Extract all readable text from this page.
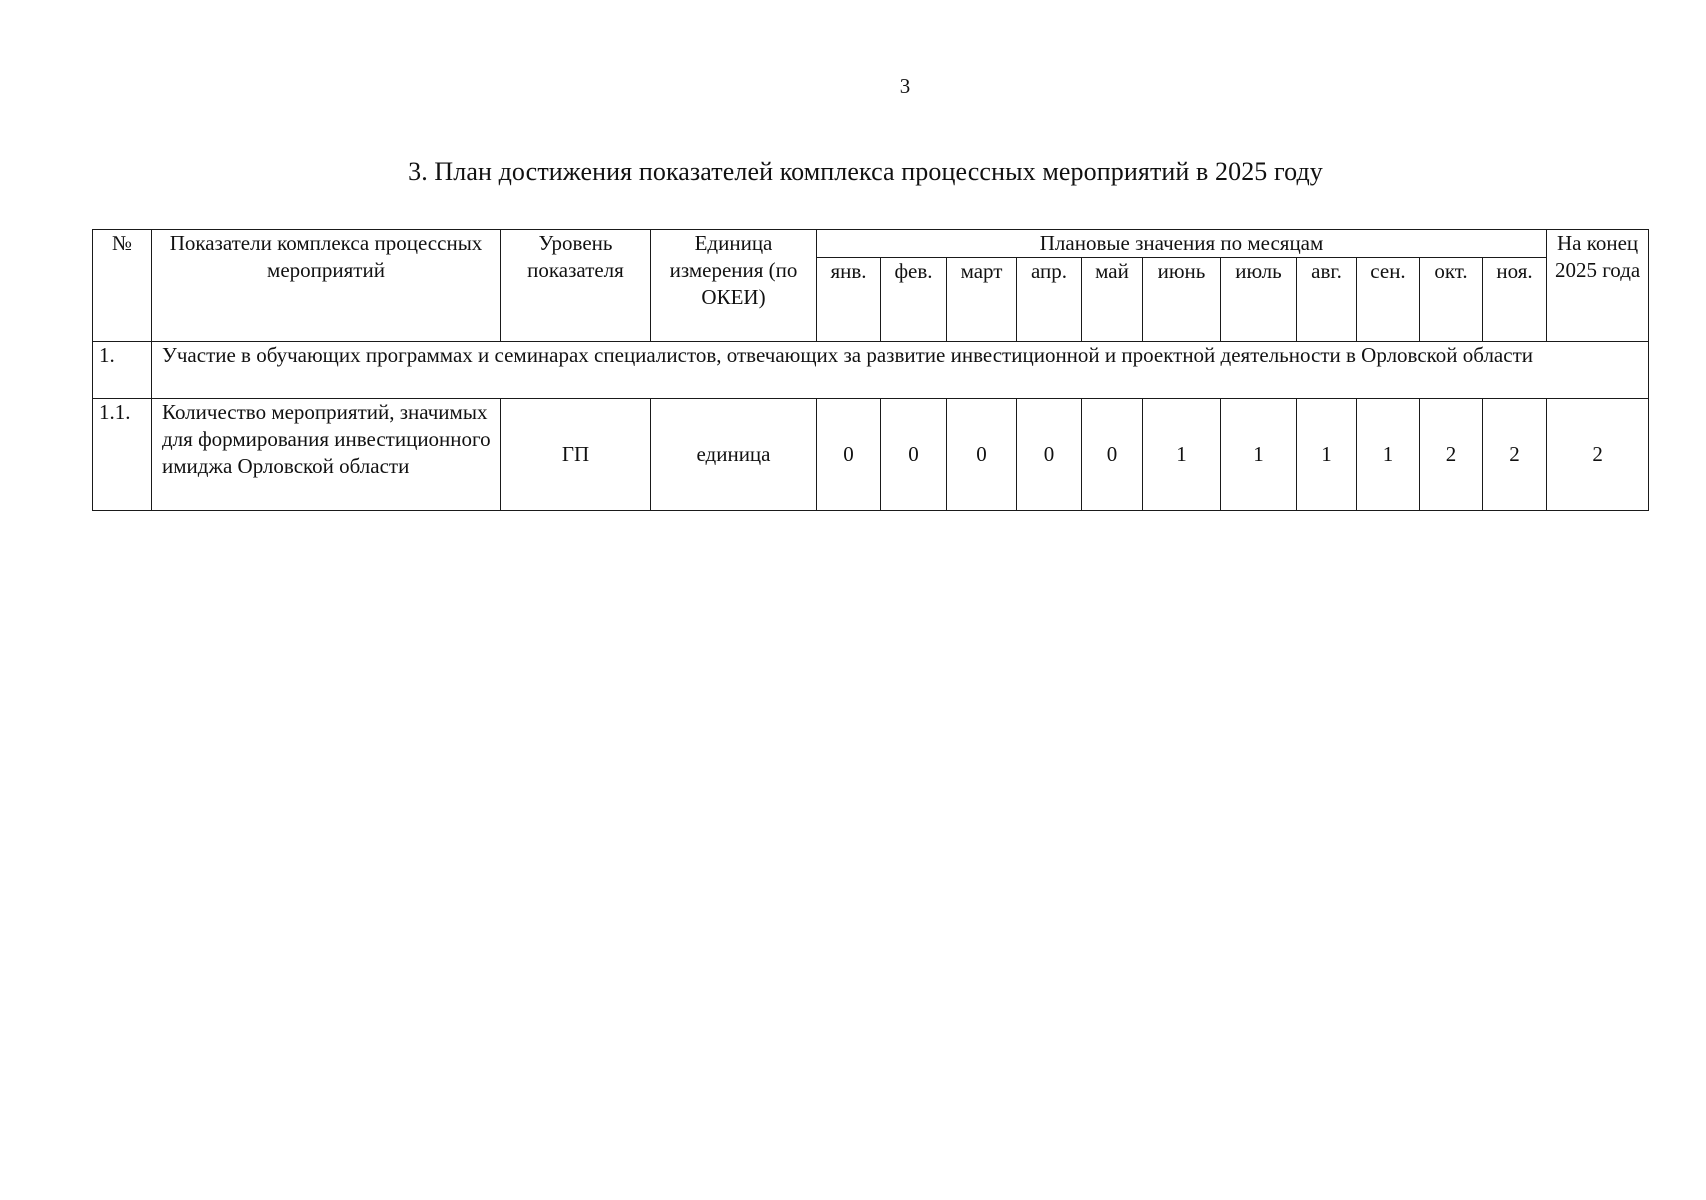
3
3. План достижения показателей комплекса процессных мероприятий в 2025 году
№	Показатели комплекса процессных мероприятий	Уровень показателя	Единица измерения (по ОКЕИ)	Плановые значения по месяцам											На конец 2025 года
				янв.	фев.	март	апр.	май	июнь	июль	авг.	сен.	окт.	ноя.	
1.	Участие в обучающих программах и семинарах специалистов, отвечающих за развитие инвестиционной и проектной деятельности в Орловской области														
1.1.	Количество мероприятий, значимых для формирования инвестиционного имиджа Орловской области	ГП	единица	0	0	0	0	0	1	1	1	1	2	2	2
